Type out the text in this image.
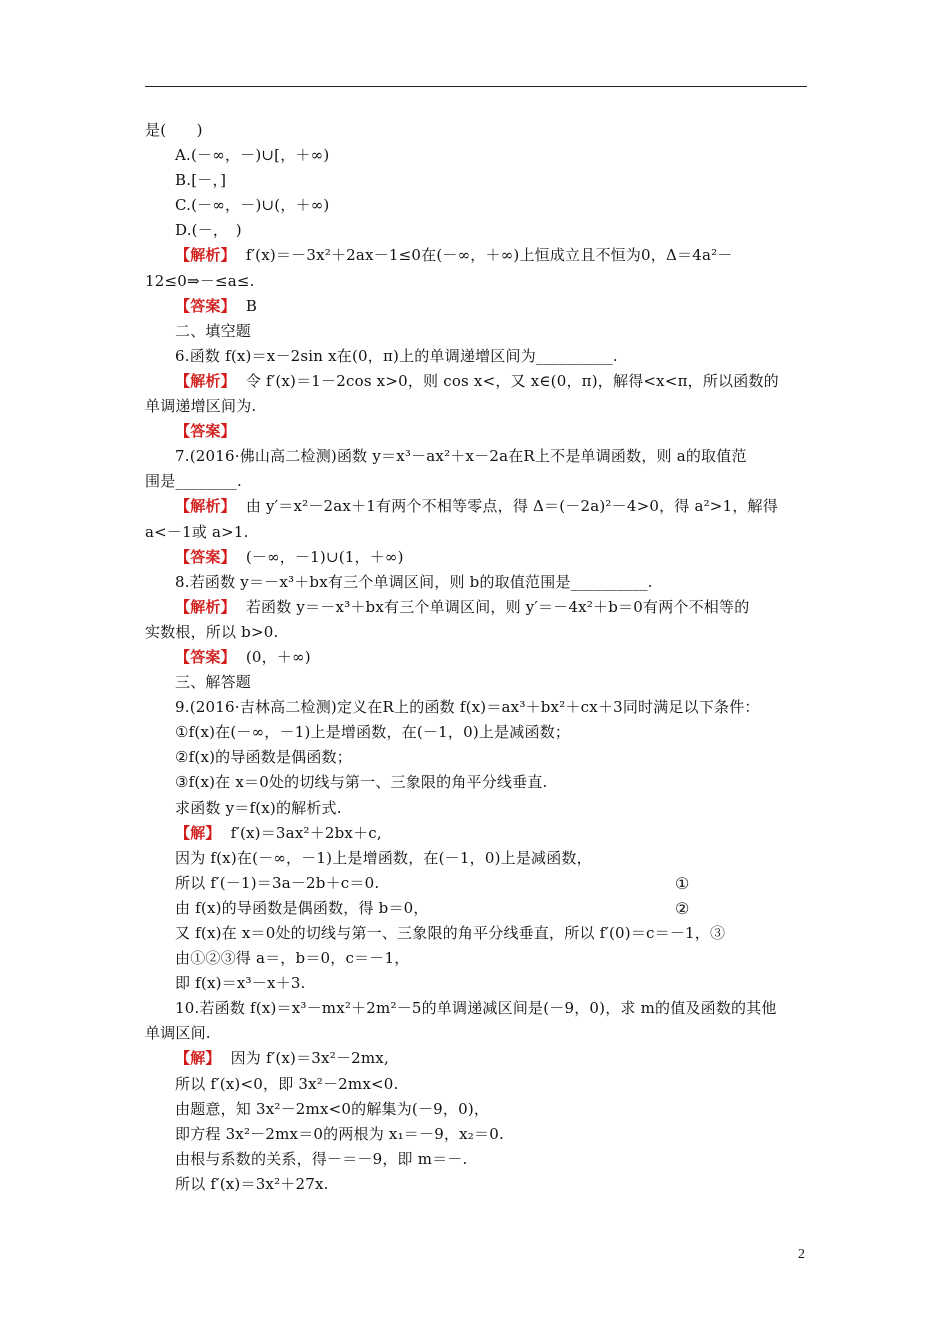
是(　　)
A.(－∞，－)∪[，＋∞)
B.[－，]
C.(－∞，－)∪(，＋∞)
D.(－，　)
【解析】 f′(x)＝－3x²＋2ax－1≤0在(－∞，＋∞)上恒成立且不恒为0，Δ＝4a²－
12≤0⇒－≤a≤.
【答案】 B
二、填空题
6.函数 f(x)＝x－2sin x在(0，π)上的单调递增区间为__________.
【解析】 令 f′(x)＝1－2cos x>0，则 cos x<，又 x∈(0，π)，解得<x<π，所以函数的
单调递增区间为.
【答案】
7.(2016·佛山高二检测)函数 y＝x³－ax²＋x－2a在R上不是单调函数，则 a的取值范
围是________.
【解析】 由 y′＝x²－2ax＋1有两个不相等零点，得 Δ＝(－2a)²－4>0，得 a²>1，解得
a<－1或 a>1.
【答案】 (－∞，－1)∪(1，＋∞)
8.若函数 y＝－x³＋bx有三个单调区间，则 b的取值范围是__________.
【解析】 若函数 y＝－x³＋bx有三个单调区间，则 y′＝－4x²＋b＝0有两个不相等的
实数根，所以 b>0.
【答案】 (0，＋∞)
三、解答题
9.(2016·吉林高二检测)定义在R上的函数 f(x)＝ax³＋bx²＋cx＋3同时满足以下条件：
①f(x)在(－∞，－1)上是增函数，在(－1，0)上是减函数；
②f(x)的导函数是偶函数；
③f(x)在 x＝0处的切线与第一、三象限的角平分线垂直.
求函数 y＝f(x)的解析式.
【解】 f′(x)＝3ax²＋2bx＋c,
因为 f(x)在(－∞，－1)上是增函数，在(－1，0)上是减函数，
所以 f′(－1)＝3a－2b＋c＝0.	①
由 f(x)的导函数是偶函数，得 b＝0，	②
又 f(x)在 x＝0处的切线与第一、三象限的角平分线垂直，所以 f′(0)＝c＝－1，③
由①②③得 a＝，b＝0，c＝－1，
即 f(x)＝x³－x＋3.
10.若函数 f(x)＝x³－mx²＋2m²－5的单调递减区间是(－9，0)，求 m的值及函数的其他
单调区间.
【解】 因为 f′(x)＝3x²－2mx,
所以 f′(x)<0，即 3x²－2mx<0.
由题意，知 3x²－2mx<0的解集为(－9，0)，
即方程 3x²－2mx＝0的两根为 x₁＝－9，x₂＝0.
由根与系数的关系，得－＝－9，即 m＝－.
所以 f′(x)＝3x²＋27x.
2
